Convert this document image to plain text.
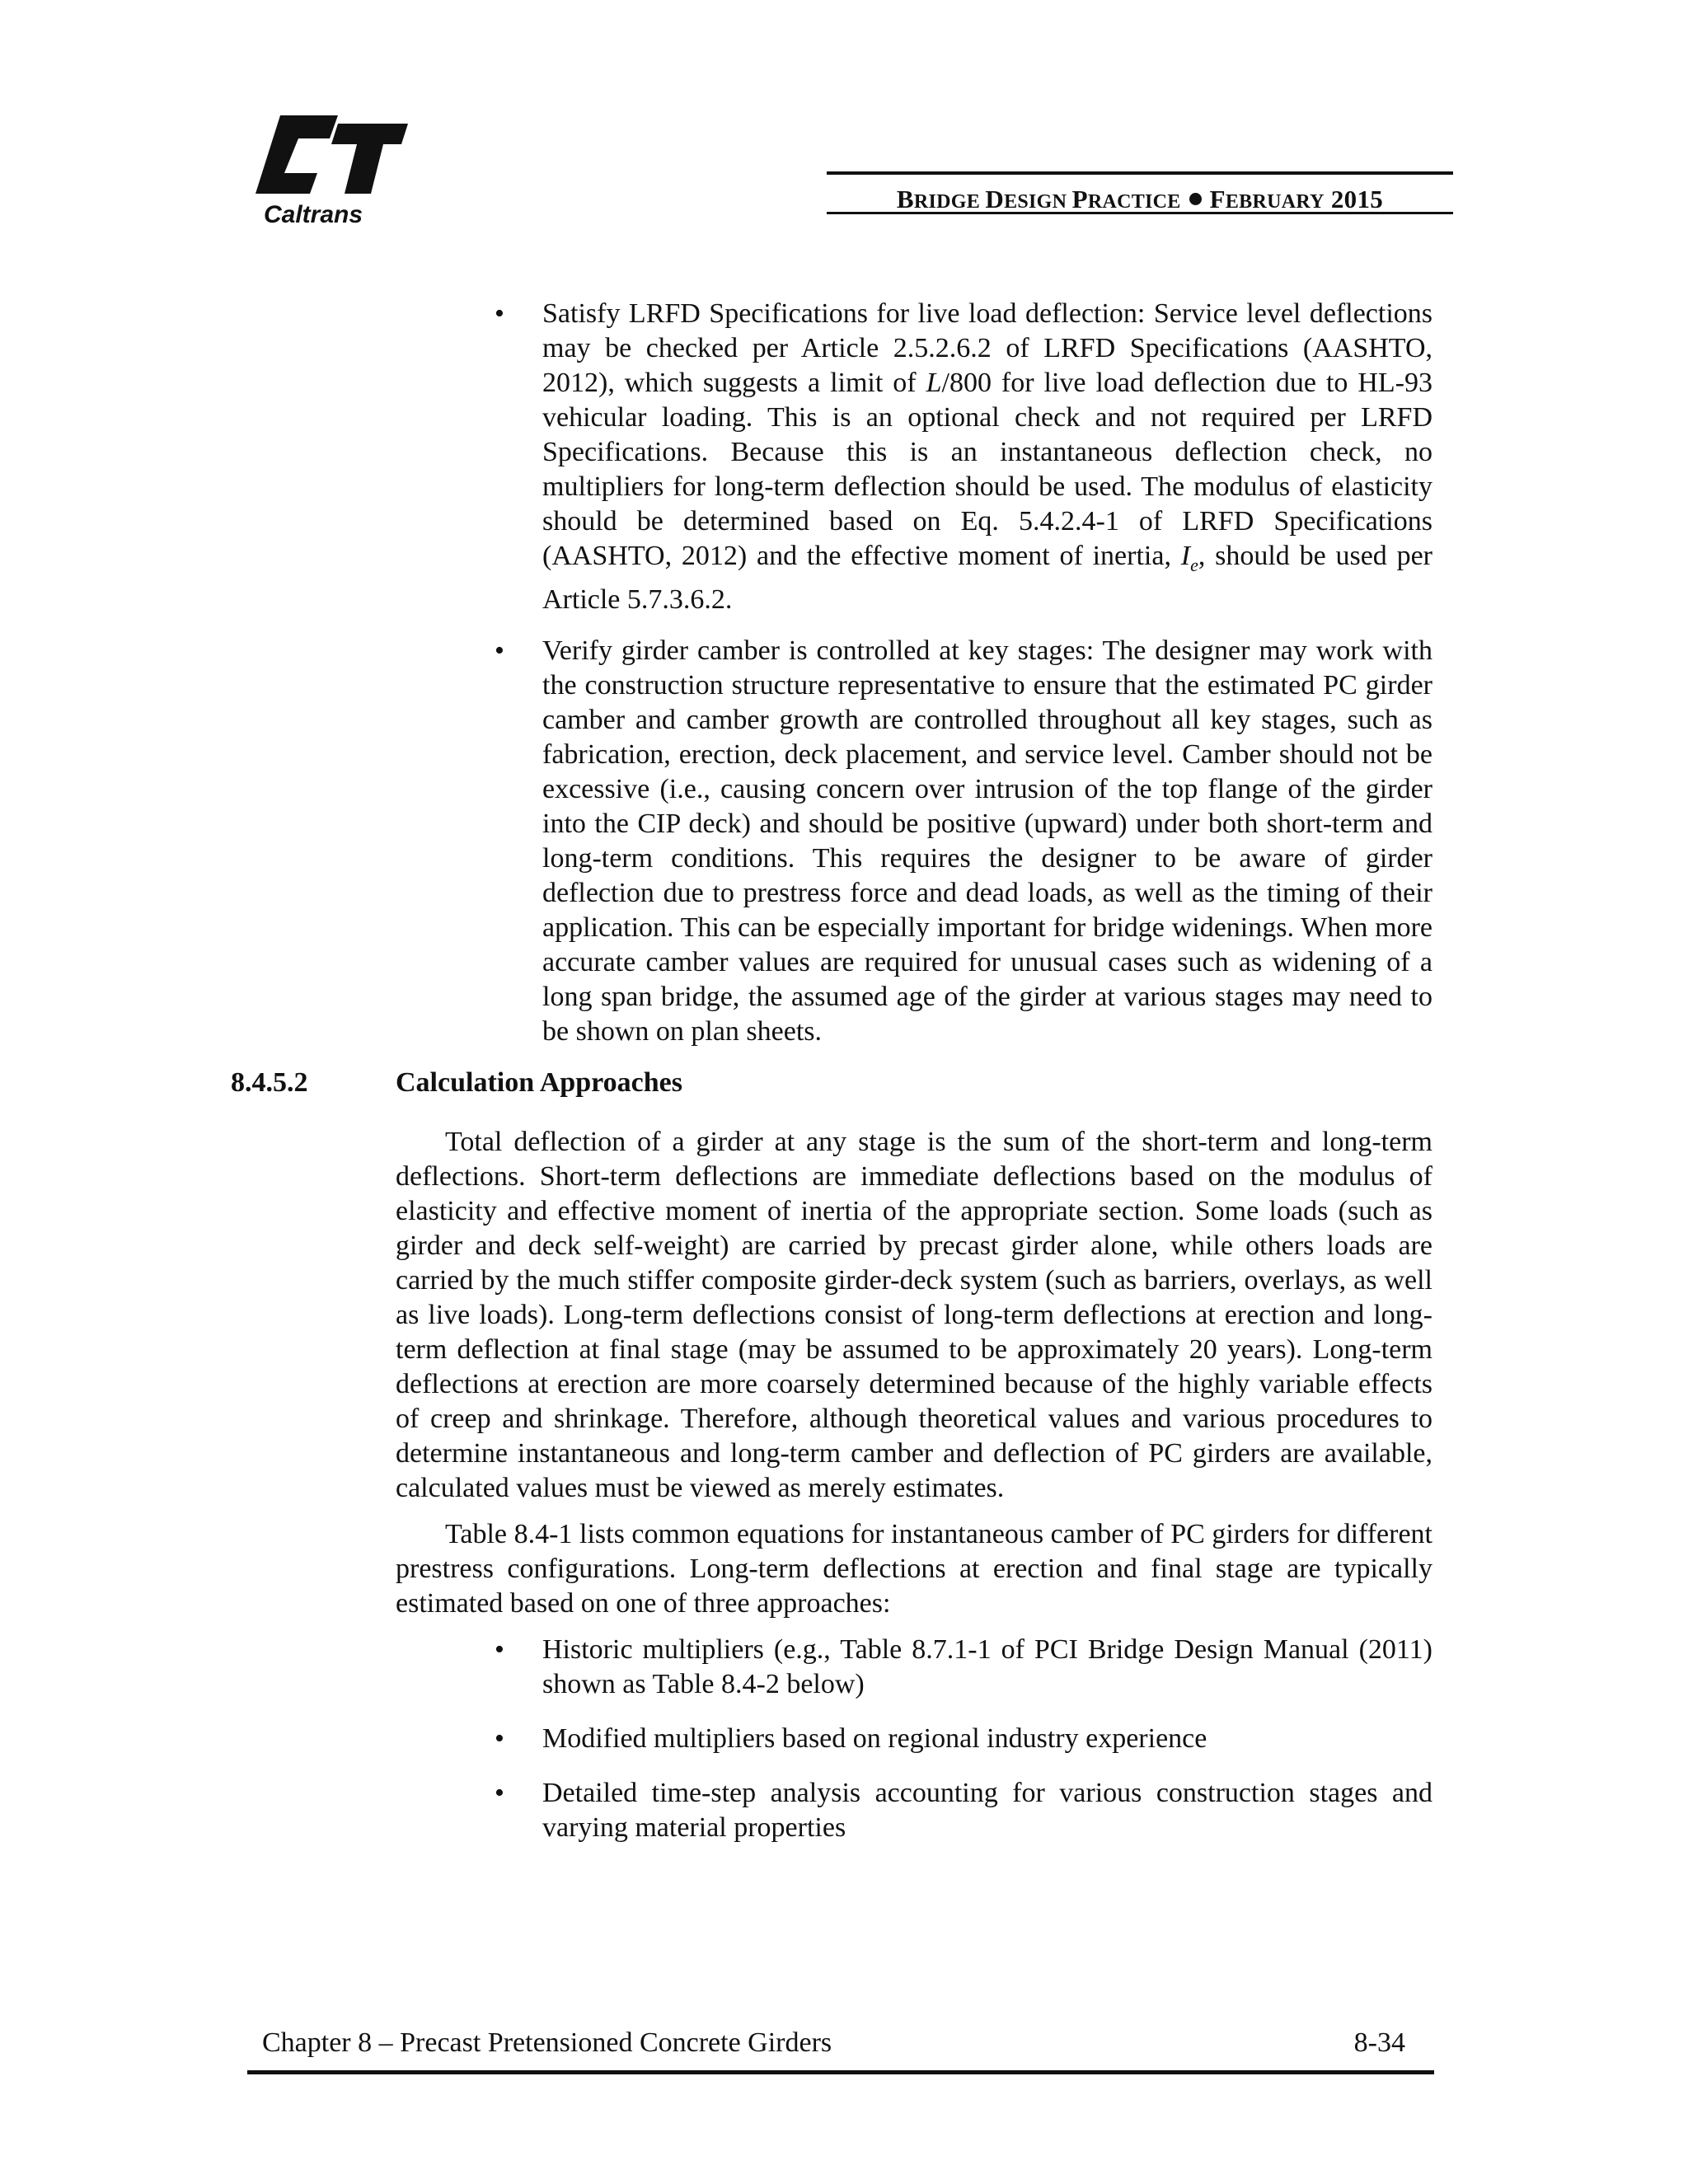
Caltrans
BRIDGE DESIGN PRACTICE FEBRUARY 2015
• Satisfy LRFD Specifications for live load deflection: Service level deflections may be checked per Article 2.5.2.6.2 of LRFD Specifications (AASHTO, 2012), which suggests a limit of L/800 for live load deflection due to HL-93 vehicular loading. This is an optional check and not required per LRFD Specifications. Because this is an instantaneous deflection check, no multipliers for long-term deflection should be used. The modulus of elasticity should be determined based on Eq. 5.4.2.4-1 of LRFD Specifications (AASHTO, 2012) and the effective moment of inertia, $I_e$, should be used per Article 5.7.3.6.2.
• Verify girder camber is controlled at key stages: The designer may work with the construction structure representative to ensure that the estimated PC girder camber and camber growth are controlled throughout all key stages, such as fabrication, erection, deck placement, and service level. Camber should not be excessive (i.e., causing concern over intrusion of the top flange of the girder into the CIP deck) and should be positive (upward) under both short-term and long-term conditions. This requires the designer to be aware of girder deflection due to prestress force and dead loads, as well as the timing of their application. This can be especially important for bridge widenings. When more accurate camber values are required for unusual cases such as widening of a long span bridge, the assumed age of the girder at various stages may need to be shown on plan sheets.
8.4.5.2	Calculation Approaches

Total deflection of a girder at any stage is the sum of the short-term and long-term deflections. Short-term deflections are immediate deflections based on the modulus of elasticity and effective moment of inertia of the appropriate section. Some loads (such as girder and deck self-weight) are carried by precast girder alone, while others loads are carried by the much stiffer composite girder-deck system (such as barriers, overlays, as well as live loads). Long-term deflections consist of long-term deflections at erection and long-term deflection at final stage (may be assumed to be approximately 20 years). Long-term deflections at erection are more coarsely determined because of the highly variable effects of creep and shrinkage. Therefore, although theoretical values and various procedures to determine instantaneous and long-term camber and deflection of PC girders are available, calculated values must be viewed as merely estimates.

Table 8.4-1 lists common equations for instantaneous camber of PC girders for different prestress configurations. Long-term deflections at erection and final stage are typically estimated based on one of three approaches:

• Historic multipliers (e.g., Table 8.7.1-1 of PCI Bridge Design Manual (2011) shown as Table 8.4-2 below)
• Modified multipliers based on regional industry experience
• Detailed time-step analysis accounting for various construction stages and varying material properties
Chapter 8 – Precast Pretensioned Concrete Girders	8-34
